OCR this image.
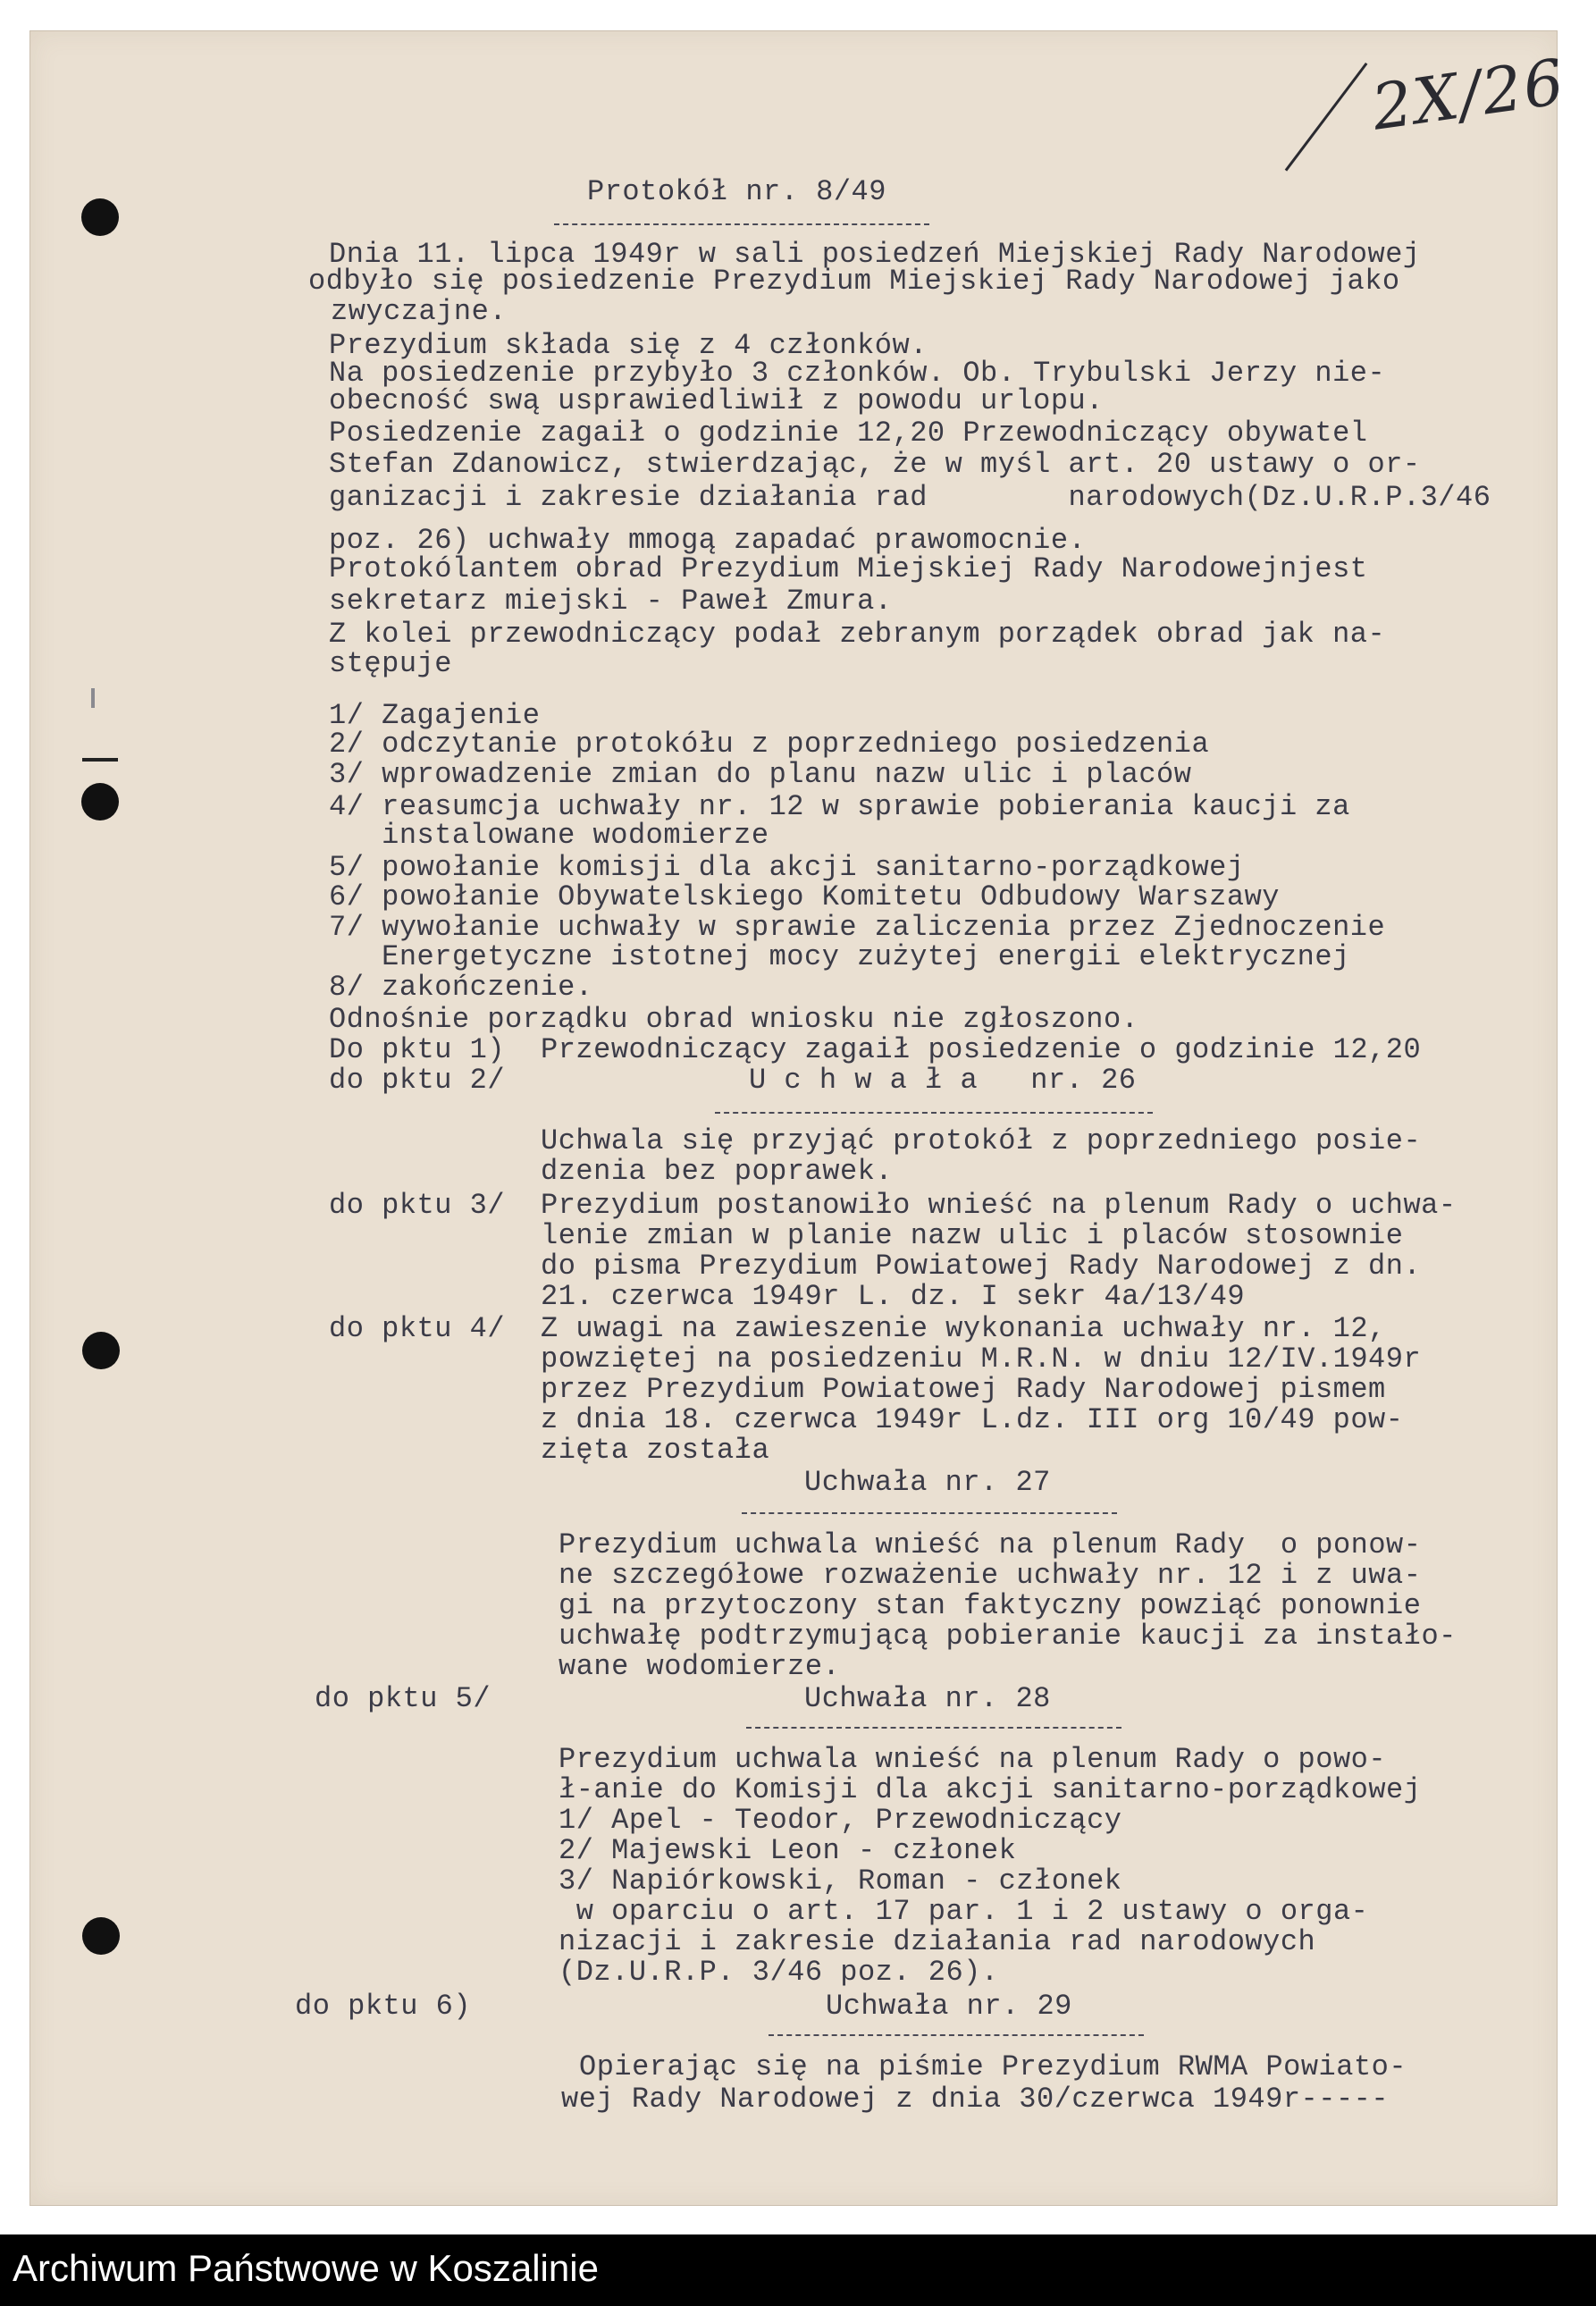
2X/26
Protokół nr. 8/49
Dnia 11. lipca 1949r w sali posiedzeń Miejskiej Rady Narodowej
odbyło się posiedzenie Prezydium Miejskiej Rady Narodowej jako
zwyczajne.
Prezydium składa się z 4 członków.
Na posiedzenie przybyło 3 członków. Ob. Trybulski Jerzy nie-
obecność swą usprawiedliwił z powodu urlopu.
Posiedzenie zagaił o godzinie 12,20 Przewodniczący obywatel
Stefan Zdanowicz, stwierdzając, że w myśl art. 20 ustawy o or-
ganizacji i zakresie działania rad        narodowych(Dz.U.R.P.3/46
poz. 26) uchwały mmogą zapadać prawomocnie.
Protokólantem obrad Prezydium Miejskiej Rady Narodowejnjest
sekretarz miejski - Paweł Zmura.
Z kolei przewodniczący podał zebranym porządek obrad jak na-
stępuje
1/ Zagajenie
2/ odczytanie protokółu z poprzedniego posiedzenia
3/ wprowadzenie zmian do planu nazw ulic i placów
4/ reasumcja uchwały nr. 12 w sprawie pobierania kaucji za
instalowane wodomierze
5/ powołanie komisji dla akcji sanitarno-porządkowej
6/ powołanie Obywatelskiego Komitetu Odbudowy Warszawy
7/ wywołanie uchwały w sprawie zaliczenia przez Zjednoczenie
Energetyczne istotnej mocy zużytej energii elektrycznej
8/ zakończenie.
Odnośnie porządku obrad wniosku nie zgłoszono.
Do pktu 1) Przewodniczący zagaił posiedzenie o godzinie 12,20
do pktu 2/	U c h w a ł a   nr. 26
Uchwala się przyjąć protokół z poprzedniego posie-
dzenia bez poprawek.
do pktu 3/ Prezydium postanowiło wnieść na plenum Rady o uchwa-
lenie zmian w planie nazw ulic i placów stosownie
do pisma Prezydium Powiatowej Rady Narodowej z dn.
21. czerwca 1949r L. dz. I sekr 4a/13/49
do pktu 4/ Z uwagi na zawieszenie wykonania uchwały nr. 12,
powziętej na posiedzeniu M.R.N. w dniu 12/IV.1949r
przez Prezydium Powiatowej Rady Narodowej pismem
z dnia 18. czerwca 1949r L.dz. III org 10/49 pow-
zięta została
Uchwała nr. 27
Prezydium uchwala wnieść na plenum Rady  o ponow-
ne szczegółowe rozważenie uchwały nr. 12 i z uwa-
gi na przytoczony stan faktyczny powziąć ponownie
uchwałę podtrzymującą pobieranie kaucji za instało-
wane wodomierze.
do pktu 5/	Uchwała nr. 28
Prezydium uchwala wnieść na plenum Rady o powo-
ł-anie do Komisji dla akcji sanitarno-porządkowej
1/ Apel - Teodor, Przewodniczący
2/ Majewski Leon - członek
3/ Napiórkowski, Roman - członek
w oparciu o art. 17 par. 1 i 2 ustawy o orga-
nizacji i zakresie działania rad narodowych
(Dz.U.R.P. 3/46 poz. 26).
do pktu 6)	Uchwała nr. 29
Opierając się na piśmie Prezydium RWMA Powiato-
wej Rady Narodowej z dnia 30/czerwca 1949r-----
Archiwum Państwowe w Koszalinie
